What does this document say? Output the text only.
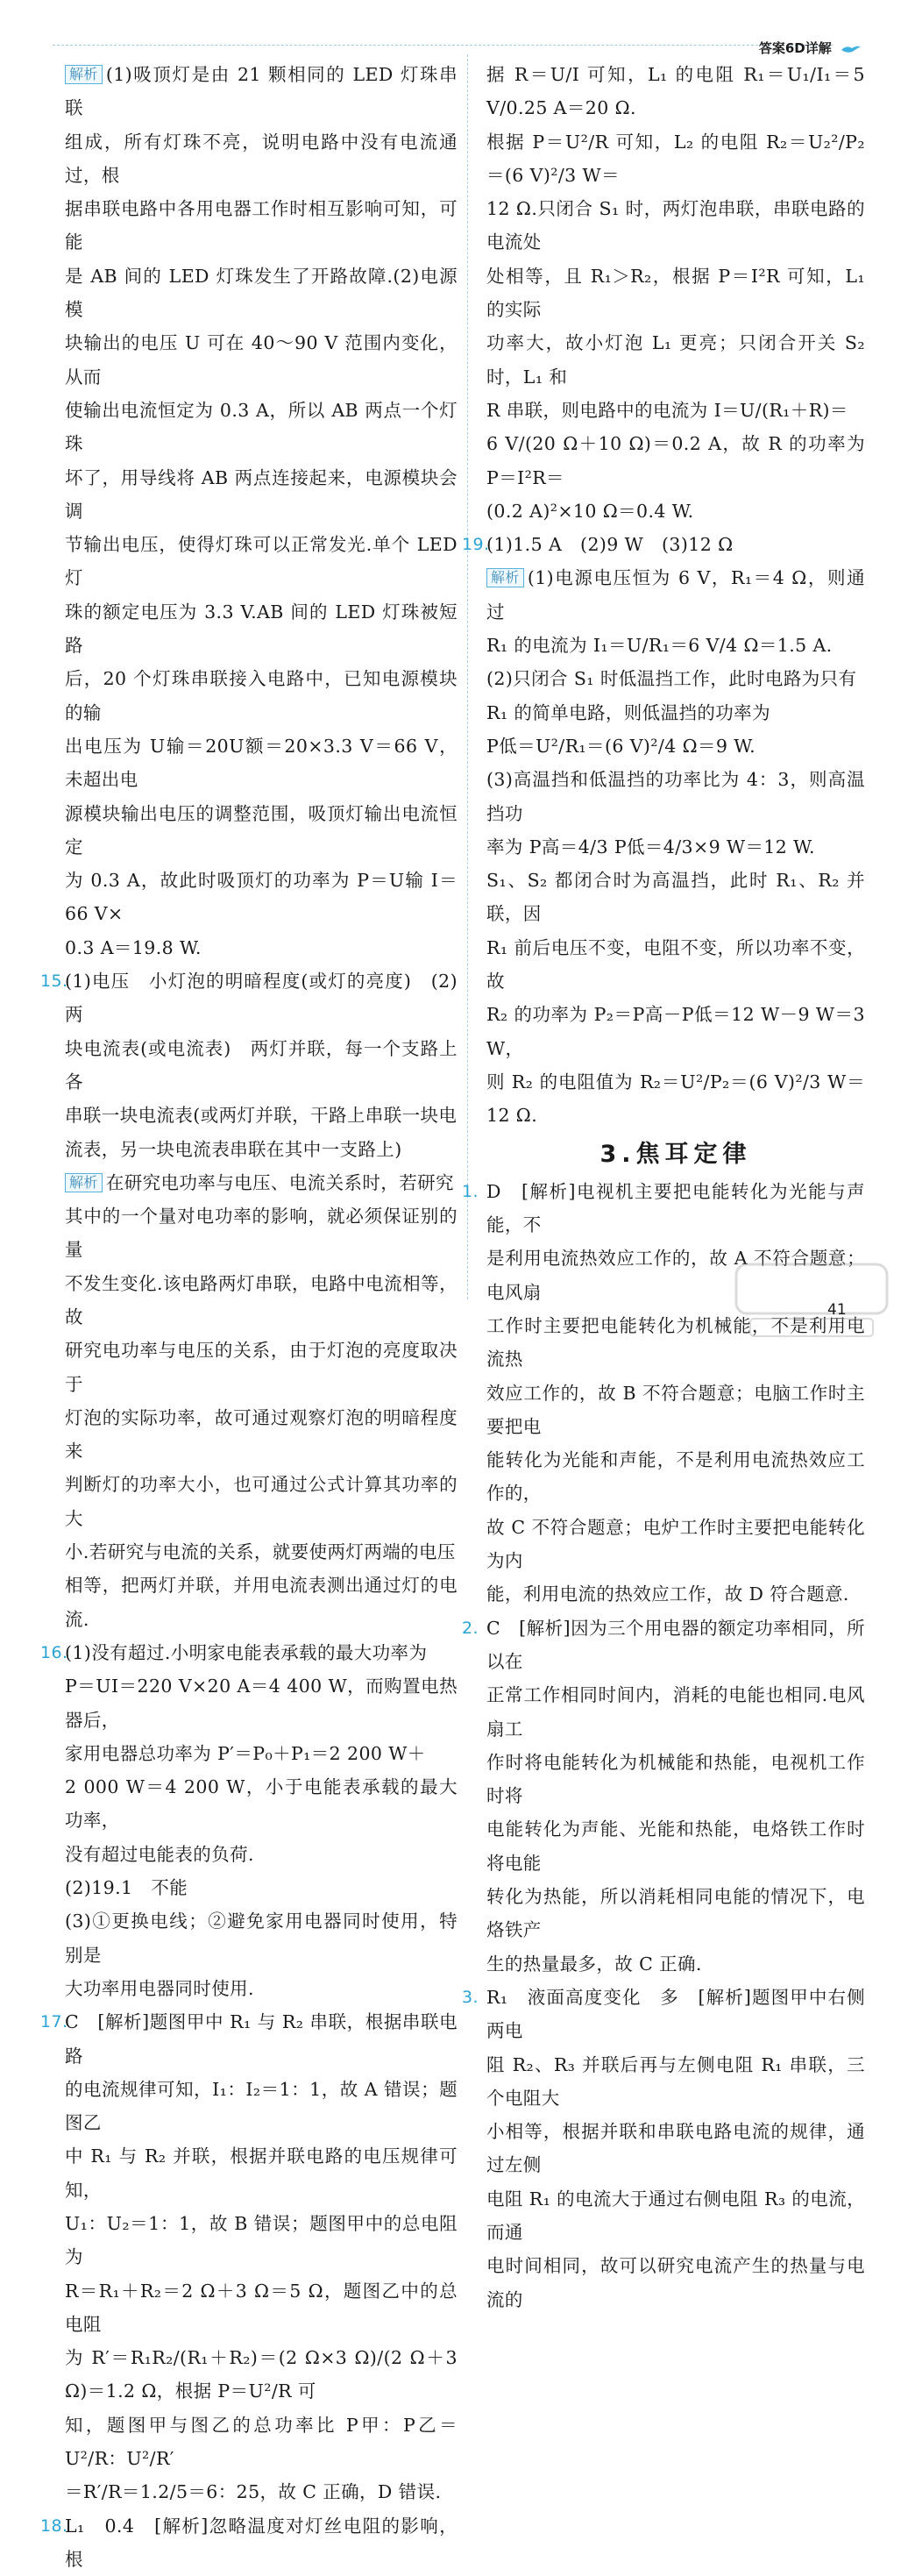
答案6D详解
解析 (1)吸顶灯是由 21 颗相同的 LED 灯珠串联
组成，所有灯珠不亮，说明电路中没有电流通过，根
据串联电路中各用电器工作时相互影响可知，可能
是 AB 间的 LED 灯珠发生了开路故障.(2)电源模
块输出的电压 U 可在 40～90 V 范围内变化，从而
使输出电流恒定为 0.3 A，所以 AB 两点一个灯珠
坏了，用导线将 AB 两点连接起来，电源模块会调
节输出电压，使得灯珠可以正常发光.单个 LED 灯
珠的额定电压为 3.3 V.AB 间的 LED 灯珠被短路
后，20 个灯珠串联接入电路中，已知电源模块的输
出电压为 U输＝20U额＝20×3.3 V＝66 V，未超出电
源模块输出电压的调整范围，吸顶灯输出电流恒定
为 0.3 A，故此时吸顶灯的功率为 P＝U输 I＝66 V×
0.3 A＝19.8 W.
15.
(1)电压　小灯泡的明暗程度(或灯的亮度)　(2)两
块电流表(或电流表)　两灯并联，每一个支路上各
串联一块电流表(或两灯并联，干路上串联一块电
流表，另一块电流表串联在其中一支路上)
解析 在研究电功率与电压、电流关系时，若研究
其中的一个量对电功率的影响，就必须保证别的量
不发生变化.该电路两灯串联，电路中电流相等，故
研究电功率与电压的关系，由于灯泡的亮度取决于
灯泡的实际功率，故可通过观察灯泡的明暗程度来
判断灯的功率大小，也可通过公式计算其功率的大
小.若研究与电流的关系，就要使两灯两端的电压
相等，把两灯并联，并用电流表测出通过灯的电流.
16.
(1)没有超过.小明家电能表承载的最大功率为
P＝UI＝220 V×20 A＝4 400 W，而购置电热器后，
家用电器总功率为 P′＝P₀＋P₁＝2 200 W＋
2 000 W＝4 200 W，小于电能表承载的最大功率，
没有超过电能表的负荷.
(2)19.1　不能
(3)①更换电线；②避免家用电器同时使用，特别是
大功率用电器同时使用.
17.
C　[解析]题图甲中 R₁ 与 R₂ 串联，根据串联电路
的电流规律可知，I₁：I₂＝1：1，故 A 错误；题图乙
中 R₁ 与 R₂ 并联，根据并联电路的电压规律可知，
U₁：U₂＝1：1，故 B 错误；题图甲中的总电阻为
R＝R₁＋R₂＝2 Ω＋3 Ω＝5 Ω，题图乙中的总电阻
为 R′＝R₁R₂/(R₁＋R₂)＝(2 Ω×3 Ω)/(2 Ω＋3 Ω)＝1.2 Ω，根据 P＝U²/R 可
知，题图甲与图乙的总功率比 P甲：P乙＝U²/R：U²/R′
＝R′/R＝1.2/5＝6：25，故 C 正确，D 错误.
18.
L₁　0.4　[解析]忽略温度对灯丝电阻的影响，根
据 R＝U/I 可知，L₁ 的电阻 R₁＝U₁/I₁＝5 V/0.25 A＝20 Ω.
根据 P＝U²/R 可知，L₂ 的电阻 R₂＝U₂²/P₂＝(6 V)²/3 W＝
12 Ω.只闭合 S₁ 时，两灯泡串联，串联电路的电流处
处相等，且 R₁＞R₂，根据 P＝I²R 可知，L₁ 的实际
功率大，故小灯泡 L₁ 更亮；只闭合开关 S₂ 时，L₁ 和
R 串联，则电路中的电流为 I＝U/(R₁＋R)＝
6 V/(20 Ω＋10 Ω)＝0.2 A，故 R 的功率为 P＝I²R＝
(0.2 A)²×10 Ω＝0.4 W.
19.
(1)1.5 A　(2)9 W　(3)12 Ω
解析 (1)电源电压恒为 6 V，R₁＝4 Ω，则通过
R₁ 的电流为 I₁＝U/R₁＝6 V/4 Ω＝1.5 A.
(2)只闭合 S₁ 时低温挡工作，此时电路为只有
R₁ 的简单电路，则低温挡的功率为
P低＝U²/R₁＝(6 V)²/4 Ω＝9 W.
(3)高温挡和低温挡的功率比为 4：3，则高温挡功
率为 P高＝4/3 P低＝4/3×9 W＝12 W.
S₁、S₂ 都闭合时为高温挡，此时 R₁、R₂ 并联，因
R₁ 前后电压不变，电阻不变，所以功率不变，故
R₂ 的功率为 P₂＝P高－P低＝12 W－9 W＝3 W，
则 R₂ 的电阻值为 R₂＝U²/P₂＝(6 V)²/3 W＝12 Ω.
3.焦耳定律
1. D　[解析]电视机主要把电能转化为光能与声能，不
是利用电流热效应工作的，故 A 不符合题意；电风扇
工作时主要把电能转化为机械能，不是利用电流热
效应工作的，故 B 不符合题意；电脑工作时主要把电
能转化为光能和声能，不是利用电流热效应工作的，
故 C 不符合题意；电炉工作时主要把电能转化为内
能，利用电流的热效应工作，故 D 符合题意.
2. C　[解析]因为三个用电器的额定功率相同，所以在
正常工作相同时间内，消耗的电能也相同.电风扇工
作时将电能转化为机械能和热能，电视机工作时将
电能转化为声能、光能和热能，电烙铁工作时将电能
转化为热能，所以消耗相同电能的情况下，电烙铁产
生的热量最多，故 C 正确.
3. R₁　液面高度变化　多　[解析]题图甲中右侧两电
阻 R₂、R₃ 并联后再与左侧电阻 R₁ 串联，三个电阻大
小相等，根据并联和串联电路电流的规律，通过左侧
电阻 R₁ 的电流大于通过右侧电阻 R₃ 的电流，而通
电时间相同，故可以研究电流产生的热量与电流的
41
